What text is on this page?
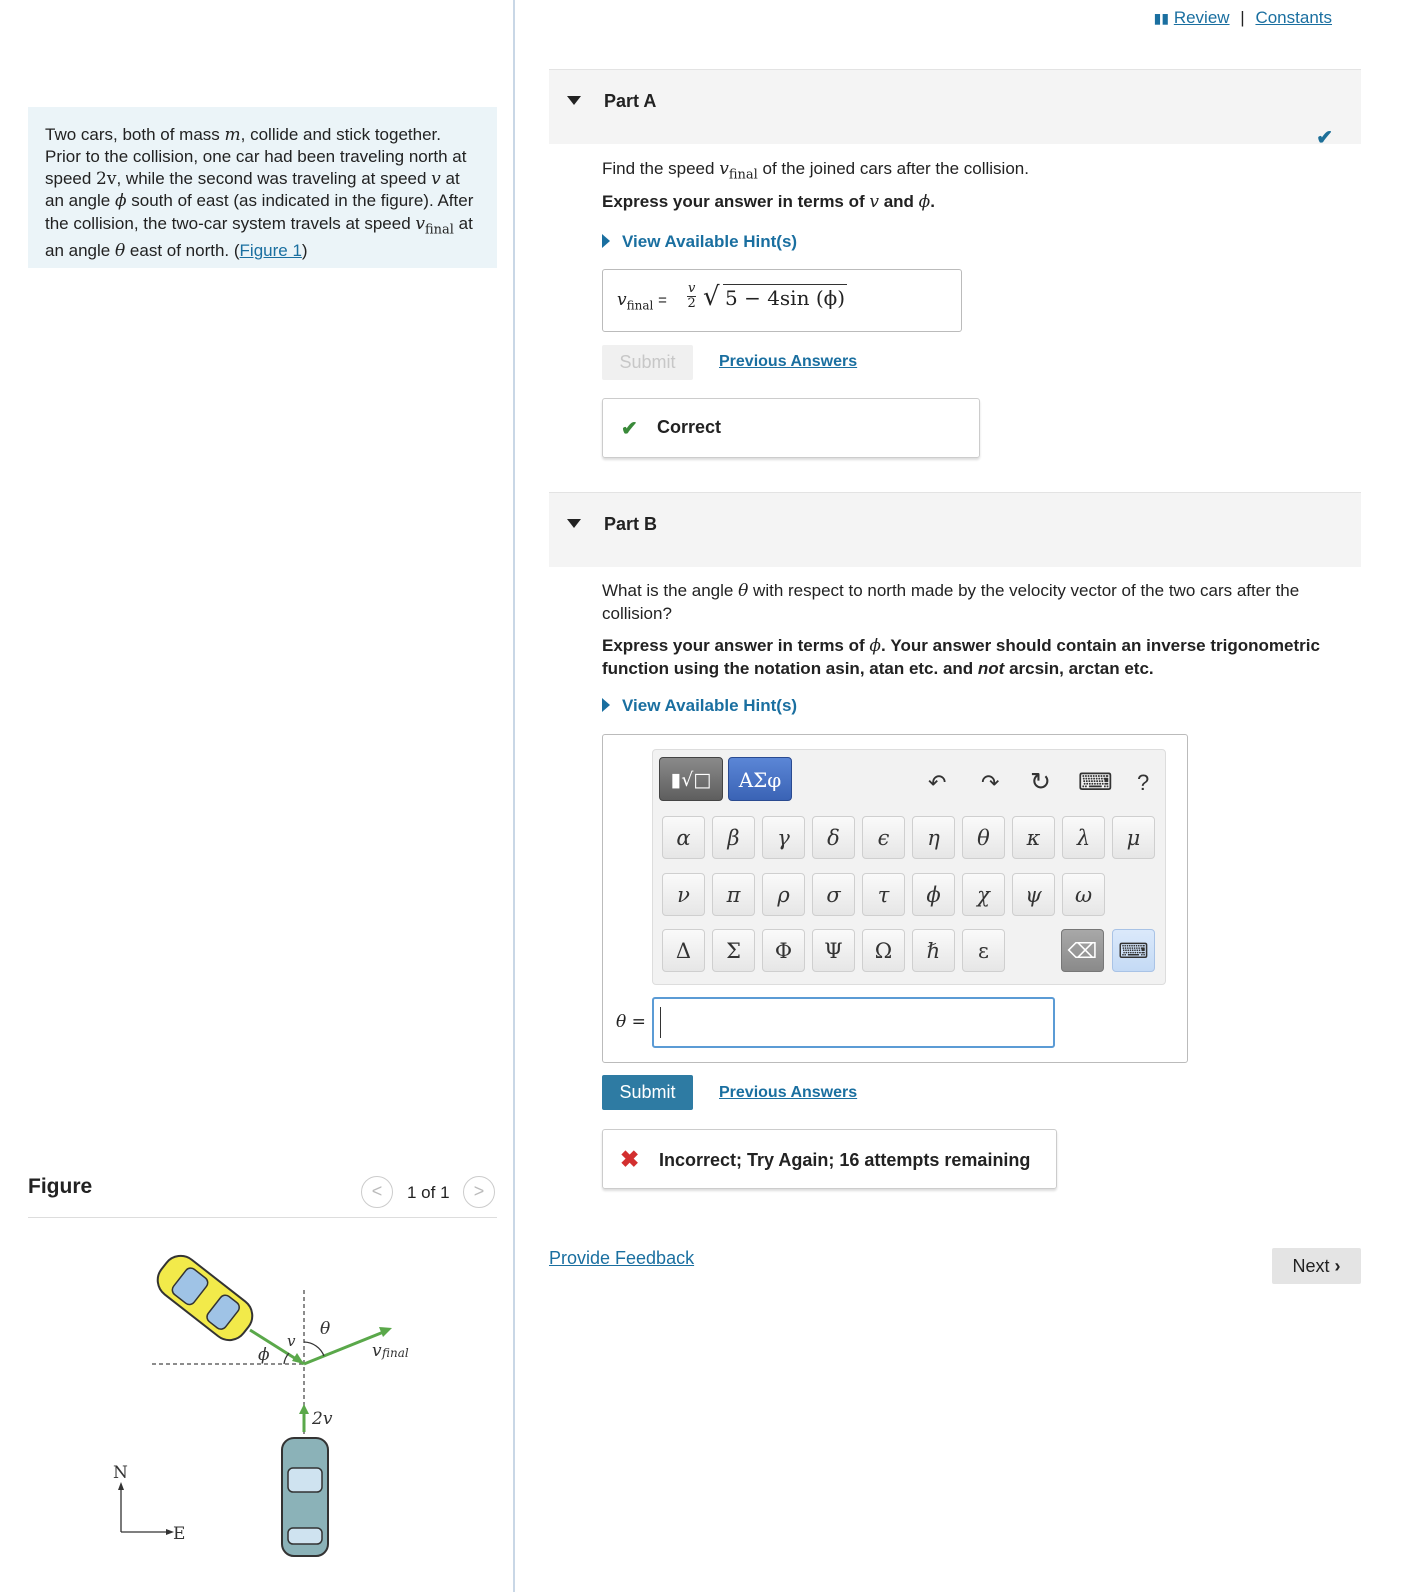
Two cars, both of mass m, collide and stick together. Prior to the collision, one car had been traveling north at speed 2v, while the second was traveling at speed v at an angle ϕ south of east (as indicated in the figure). After the collision, the two-car system travels at speed $v_{final}$ at an angle θ east of north. (Figure 1)
Figure	<	1 of 1	>
θ
v
ϕ
2v
v final
N
E
▮▮ Review | Constants
Part A
✔
Find the speed $v_{final}$ of the joined cars after the collision.
Express your answer in terms of v and ϕ.
View Available Hint(s)
$v_{final}$ =
v
2 √ 5 − 4sin (ϕ)
Submit	Previous Answers
✔ Correct
Part B
What is the angle θ with respect to north made by the velocity vector of the two cars after the collision?
Express your answer in terms of ϕ. Your answer should contain an inverse trigonometric function using the notation asin, atan etc. and not arcsin, arctan etc.
View Available Hint(s)
▮√□	ΑΣφ	↶ ↷ ↻ ⌨ ?
α	β	γ	δ	ϵ	η	θ	κ	λ	μ
ν	π	ρ	σ	τ	ϕ	χ	ψ	ω
Δ	Σ	Φ	Ψ	Ω	ℏ	ε	⌫	⌨
θ =
Submit	Previous Answers
✖ Incorrect; Try Again; 16 attempts remaining
Provide Feedback	Next ›
